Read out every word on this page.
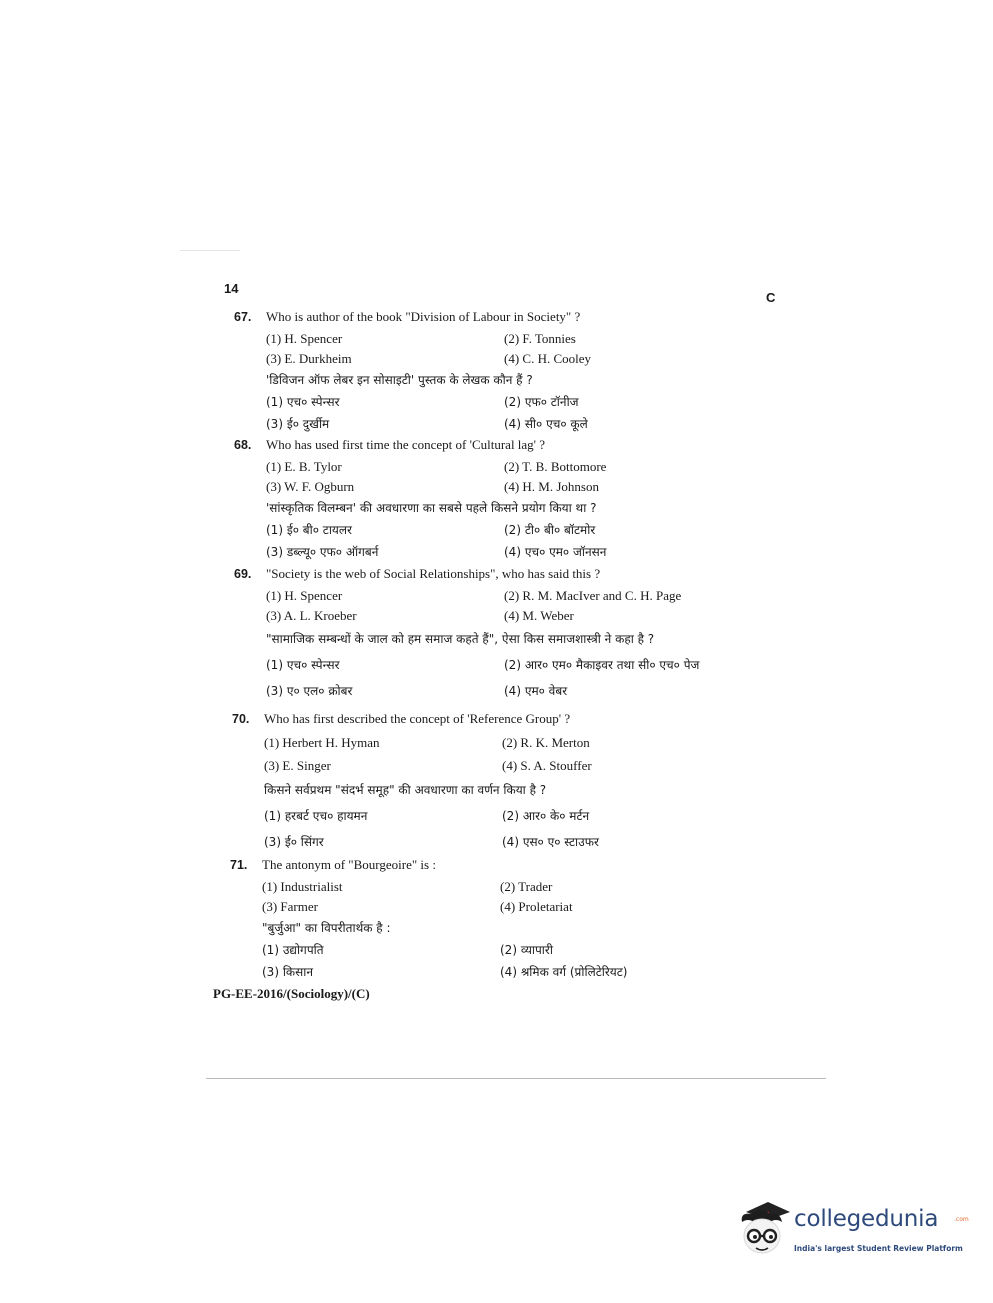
14
C
67.	Who is author of the book "Division of Labour in Society" ?
(1) H. Spencer	(2) F. Tonnies
(3) E. Durkheim	(4) C. H. Cooley
'डिविजन ऑफ लेबर इन सोसाइटी' पुस्तक के लेखक कौन हैं ?
(1) एच० स्पेन्सर	(2) एफ० टॉनीज
(3) ई० दुर्खीम	(4) सी० एच० कूले
68.	Who has used first time the concept of 'Cultural lag' ?
(1) E. B. Tylor	(2) T. B. Bottomore
(3) W. F. Ogburn	(4) H. M. Johnson
'सांस्कृतिक विलम्बन' की अवधारणा का सबसे पहले किसने प्रयोग किया था ?
(1) ई० बी० टायलर	(2) टी० बी० बॉटमोर
(3) डब्ल्यू० एफ० ऑगबर्न	(4) एच० एम० जॉनसन
69.	"Society is the web of Social Relationships", who has said this ?
(1) H. Spencer	(2) R. M. MacIver and C. H. Page
(3) A. L. Kroeber	(4) M. Weber
"सामाजिक सम्बन्धों के जाल को हम समाज कहते हैं", ऐसा किस समाजशास्त्री ने कहा है ?
(1) एच० स्पेन्सर	(2) आर० एम० मैकाइवर तथा सी० एच० पेज
(3) ए० एल० क्रोबर	(4) एम० वेबर
70.	Who has first described the concept of 'Reference Group' ?
(1) Herbert H. Hyman	(2) R. K. Merton
(3) E. Singer	(4) S. A. Stouffer
किसने सर्वप्रथम "संदर्भ समूह" की अवधारणा का वर्णन किया है ?
(1) हरबर्ट एच० हायमन	(2) आर० के० मर्टन
(3) ई० सिंगर	(4) एस० ए० स्टाउफर
71.	The antonym of "Bourgeoire" is :
(1) Industrialist	(2) Trader
(3) Farmer	(4) Proletariat
"बुर्जुआ" का विपरीतार्थक है :
(1) उद्योगपति	(2) व्यापारी
(3) किसान	(4) श्रमिक वर्ग (प्रोलिटेरियट)
PG-EE-2016/(Sociology)/(C)
collegedunia	.com
India's largest Student Review Platform
